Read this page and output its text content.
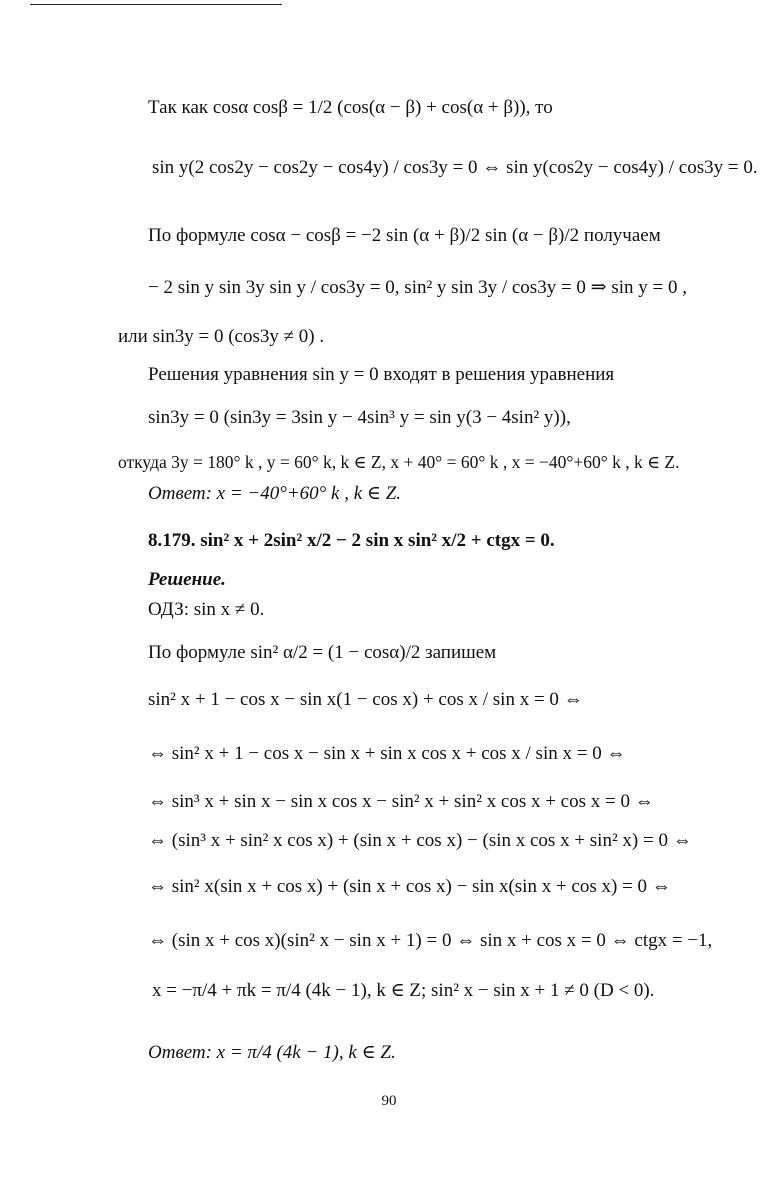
Так как cosα cosβ = 1/2 (cos(α − β) + cos(α + β)), то
sin y(2 cos2y − cos2y − cos4y) / cos3y = 0 ⇔ sin y(cos2y − cos4y) / cos3y = 0.
По формуле cosα − cosβ = −2 sin (α + β)/2 sin (α − β)/2 получаем
− 2 sin y sin 3y sin y / cos3y = 0, sin² y sin 3y / cos3y = 0 ⇒ sin y = 0 ,
или sin3y = 0 (cos3y ≠ 0) .
Решения уравнения sin y = 0 входят в решения уравнения
sin3y = 0 (sin3y = 3sin y − 4sin³ y = sin y(3 − 4sin² y)),
откуда 3y = 180° k , y = 60° k, k ∈ Z, x + 40° = 60° k , x = −40°+60° k , k ∈ Z.
Ответ: x = −40°+60° k , k ∈ Z.
8.179. sin² x + 2sin² x/2 − 2 sin x sin² x/2 + ctgx = 0.
Решение.
ОДЗ: sin x ≠ 0.
По формуле sin² α/2 = (1 − cosα)/2 запишем
sin² x + 1 − cos x − sin x(1 − cos x) + cos x / sin x = 0 ⇔
⇔ sin² x + 1 − cos x − sin x + sin x cos x + cos x / sin x = 0 ⇔
⇔ sin³ x + sin x − sin x cos x − sin² x + sin² x cos x + cos x = 0 ⇔
⇔ (sin³ x + sin² x cos x) + (sin x + cos x) − (sin x cos x + sin² x) = 0 ⇔
⇔ sin² x(sin x + cos x) + (sin x + cos x) − sin x(sin x + cos x) = 0 ⇔
⇔ (sin x + cos x)(sin² x − sin x + 1) = 0 ⇔ sin x + cos x = 0 ⇔ ctgx = −1,
x = −π/4 + πk = π/4 (4k − 1), k ∈ Z; sin² x − sin x + 1 ≠ 0 (D < 0).
Ответ: x = π/4 (4k − 1), k ∈ Z.
90
